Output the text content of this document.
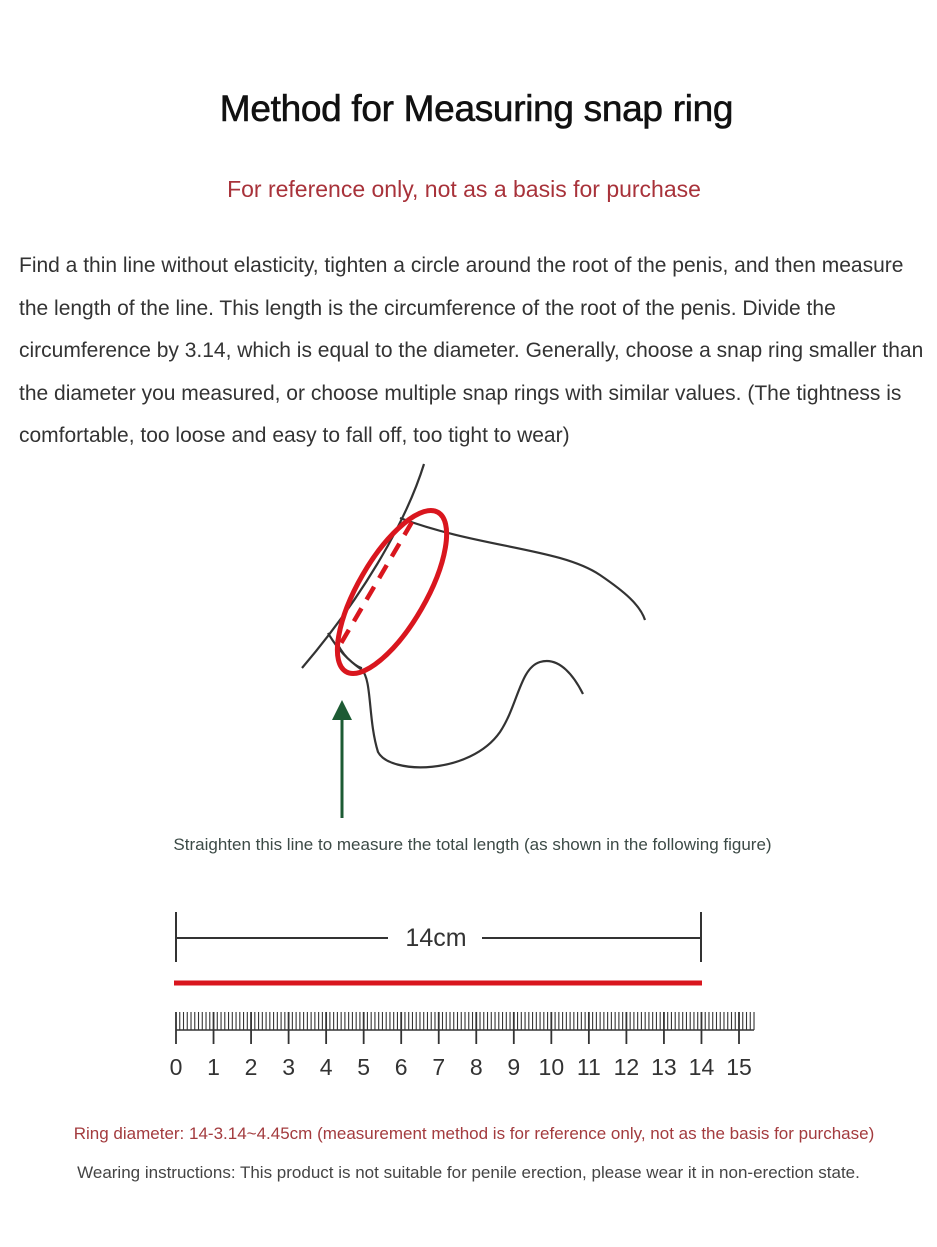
Method for Measuring snap ring
For reference only, not as a basis for purchase
Find a thin line without elasticity, tighten a circle around the root of the penis, and then measure the length of the line. This length is the circumference of the root of the penis. Divide the circumference by 3.14, which is equal to the diameter. Generally, choose a snap ring smaller than the diameter you measured, or choose multiple snap rings with similar values. (The tightness is comfortable, too loose and easy to fall off, too tight to wear)
14cm
0 1 2 3 4 5 6 7 8 9 10 11 12 13 14 15
Straighten this line to measure the total length (as shown in the following figure)
Ring diameter: 14-3.14~4.45cm (measurement method is for reference only, not as the basis for purchase)
Wearing instructions: This product is not suitable for penile erection, please wear it in non-erection state.
